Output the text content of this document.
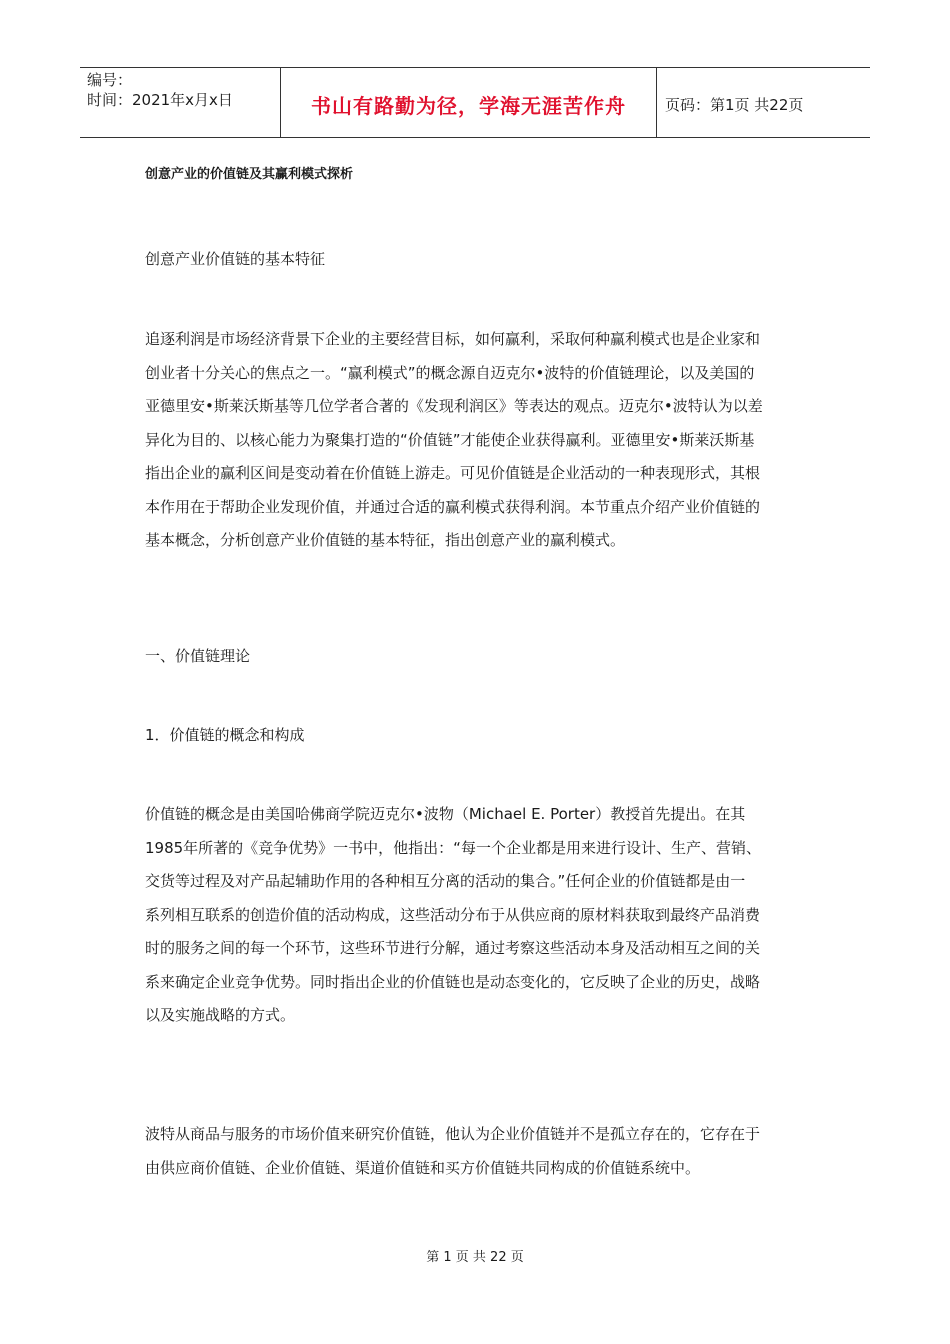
编号：
时间：2021年x月x日	书山有路勤为径，学海无涯苦作舟	页码：第1页 共22页
创意产业的价值链及其赢利模式探析
创意产业价值链的基本特征
追逐利润是市场经济背景下企业的主要经营目标，如何赢利，采取何种赢利模式也是企业家和
创业者十分关心的焦点之一。“赢利模式”的概念源自迈克尔•波特的价值链理论，以及美国的
亚德里安•斯莱沃斯基等几位学者合著的《发现利润区》等表达的观点。迈克尔•波特认为以差
异化为目的、以核心能力为聚集打造的“价值链”才能使企业获得赢利。亚德里安•斯莱沃斯基
指出企业的赢利区间是变动着在价值链上游走。可见价值链是企业活动的一种表现形式，其根
本作用在于帮助企业发现价值，并通过合适的赢利模式获得利润。本节重点介绍产业价值链的
基本概念，分析创意产业价值链的基本特征，指出创意产业的赢利模式。
一、价值链理论
1．价值链的概念和构成
价值链的概念是由美国哈佛商学院迈克尔•波物（Michael E. Porter）教授首先提出。在其
1985年所著的《竞争优势》一书中，他指出：“每一个企业都是用来进行设计、生产、营销、
交货等过程及对产品起辅助作用的各种相互分离的活动的集合。”任何企业的价值链都是由一
系列相互联系的创造价值的活动构成，这些活动分布于从供应商的原材料获取到最终产品消费
时的服务之间的每一个环节，这些环节进行分解，通过考察这些活动本身及活动相互之间的关
系来确定企业竞争优势。同时指出企业的价值链也是动态变化的，它反映了企业的历史，战略
以及实施战略的方式。
波特从商品与服务的市场价值来研究价值链，他认为企业价值链并不是孤立存在的，它存在于
由供应商价值链、企业价值链、渠道价值链和买方价值链共同构成的价值链系统中。
第 1 页 共 22 页
